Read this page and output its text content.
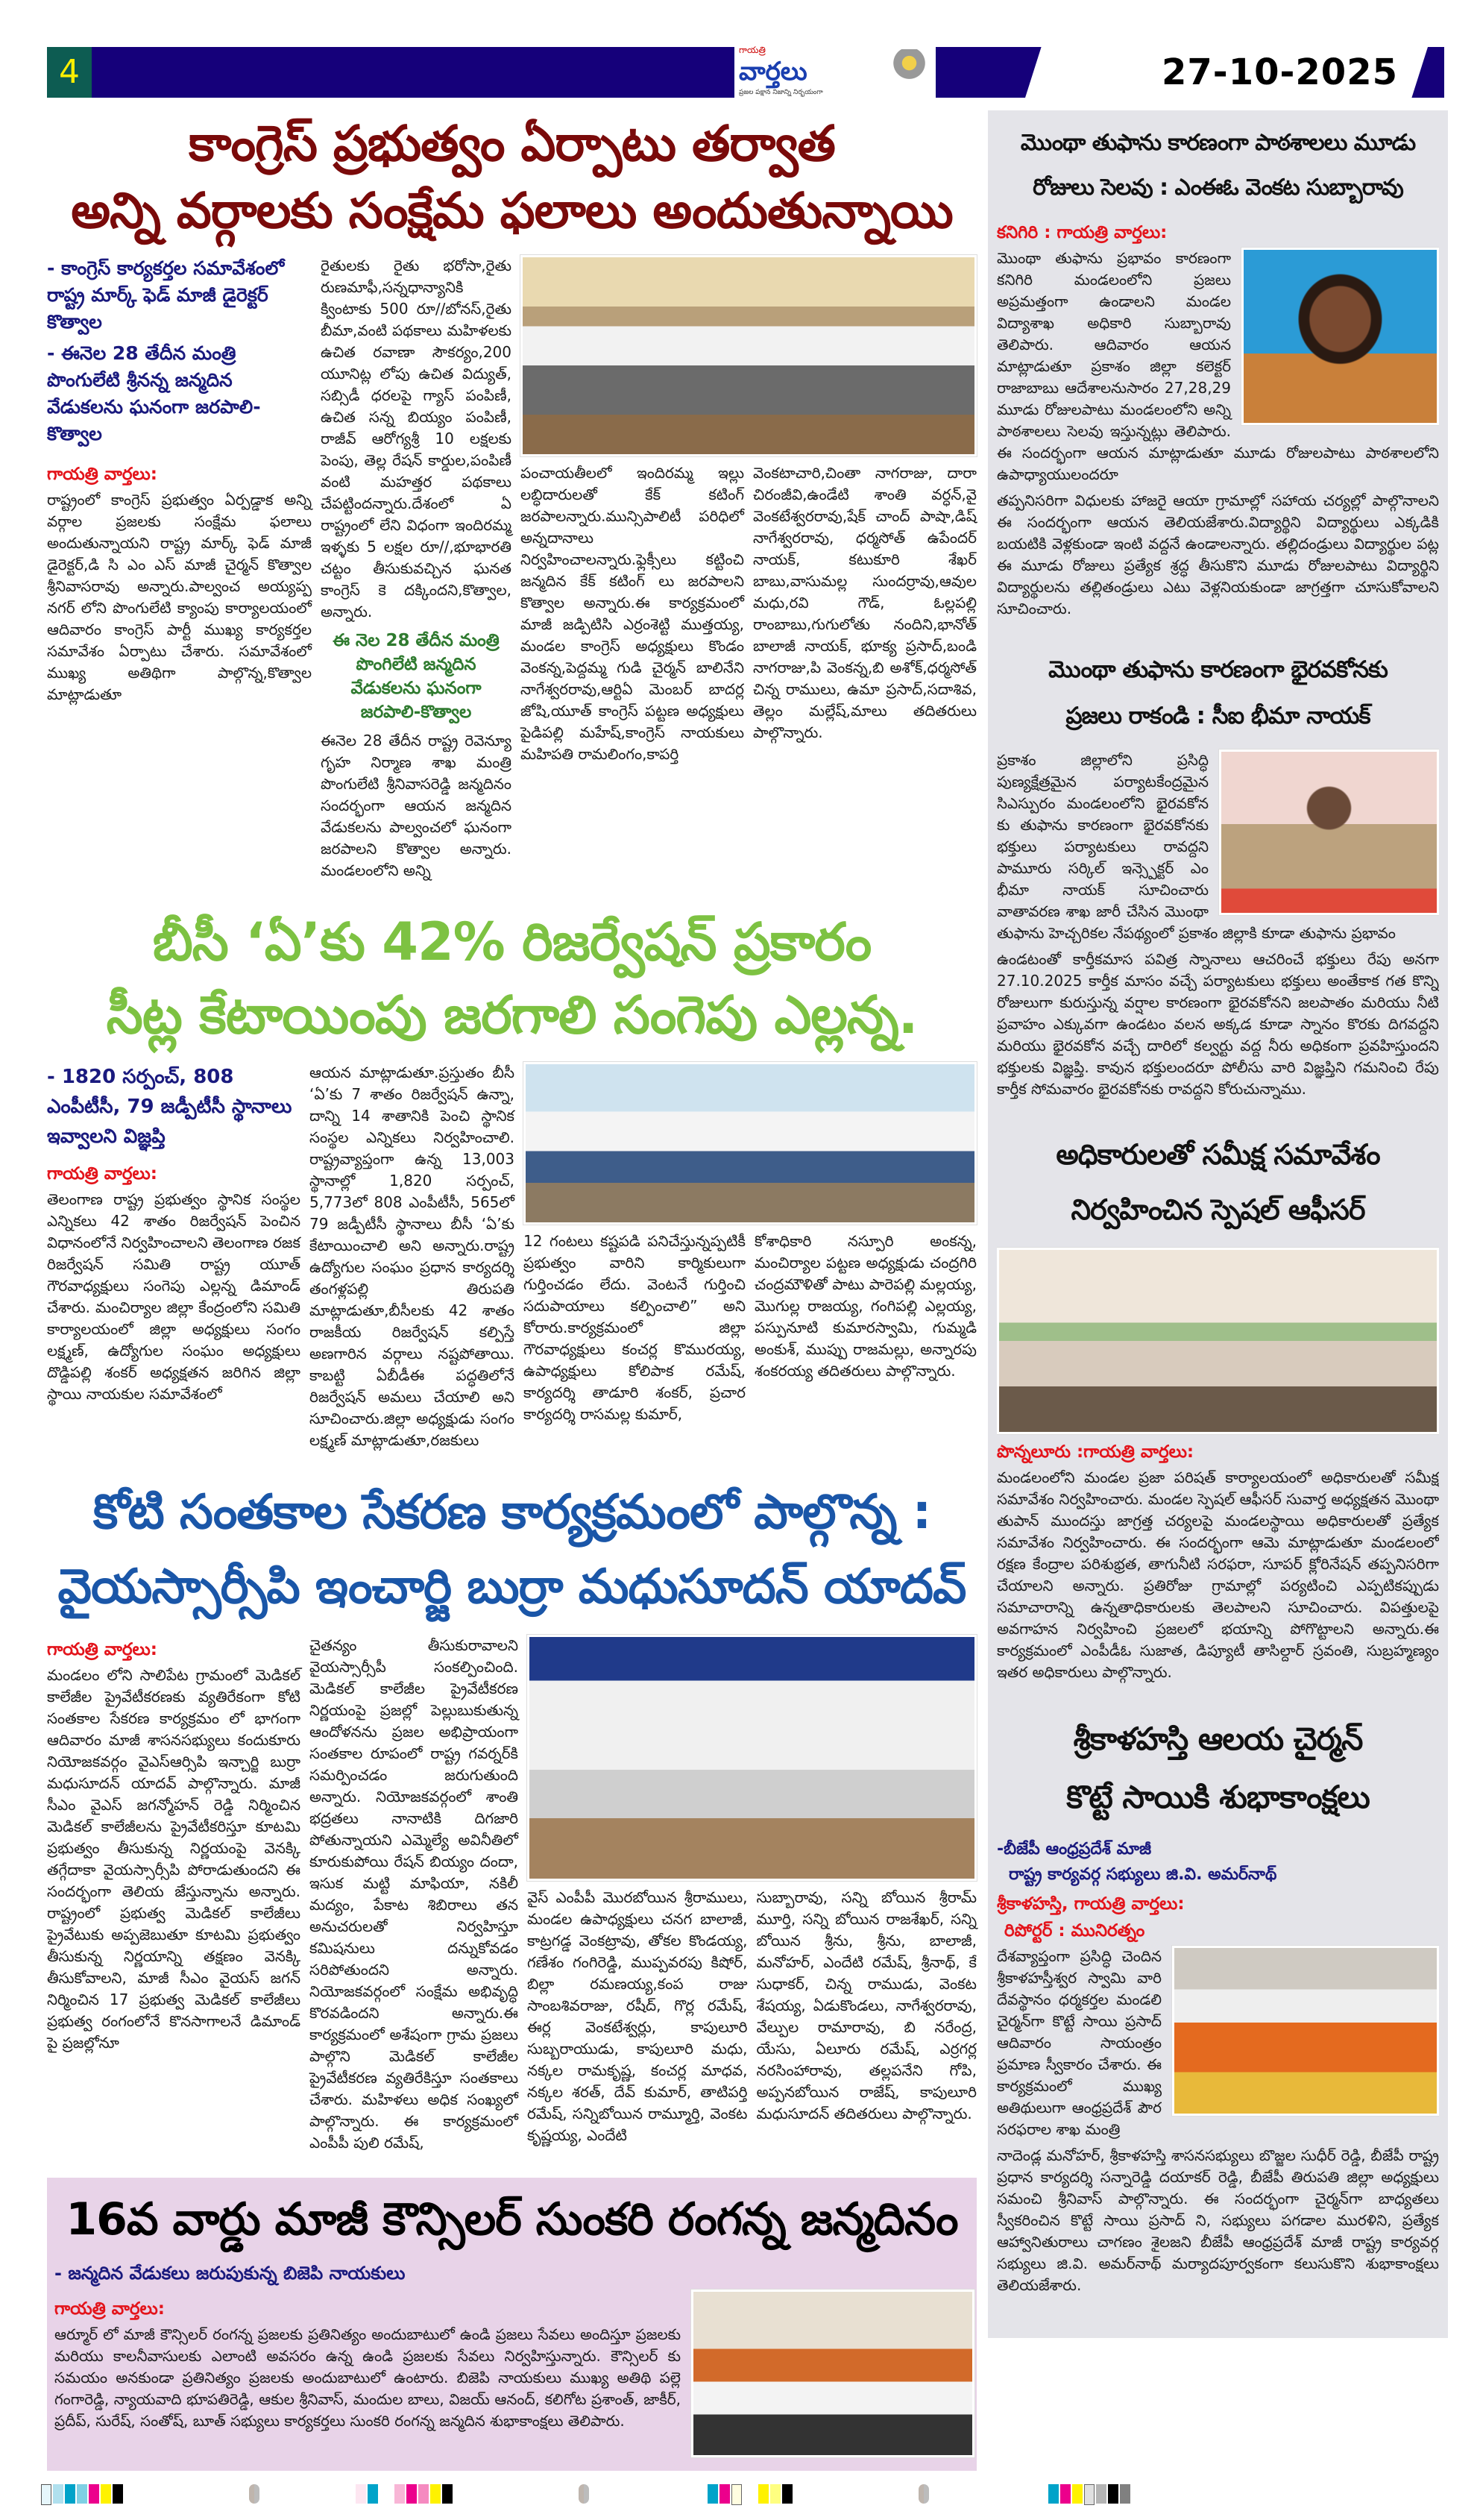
4
గాయత్రి
వార్తలు
ప్రజల పక్షాన నిజాన్ని నిర్భయంగా	27-10-2025
కాంగ్రెస్ ప్రభుత్వం ఏర్పాటు తర్వాత
అన్ని వర్గాలకు సంక్షేమ ఫలాలు అందుతున్నాయి
- కాంగ్రెస్ కార్యకర్తల సమావేశంలో రాష్ట్ర మార్క్ ఫెడ్ మాజీ డైరెక్టర్ కొత్వాల
- ఈనెల 28 తేదీన మంత్రి పొంగులేటి శ్రీనన్న జన్మదిన వేడుకలను ఘనంగా జరపాలి-కొత్వాల
గాయత్రి వార్తలు:

రాష్ట్రంలో కాంగ్రెస్ ప్రభుత్వం ఏర్పడ్డాక అన్ని వర్గాల ప్రజలకు సంక్షేమ ఫలాలు అందుతున్నాయని రాష్ట్ర మార్క్ ఫెడ్ మాజీ డైరెక్టర్,డి సి ఎం ఎస్ మాజీ చైర్మన్ కొత్వాల శ్రీనివాసరావు అన్నారు.పాల్వంచ అయ్యప్ప నగర్ లోని పొంగులేటి క్యాంపు కార్యాలయంలో ఆదివారం కాంగ్రెస్ పార్టీ ముఖ్య కార్యకర్తల సమావేశం ఏర్పాటు చేశారు. సమావేశంలో ముఖ్య అతిథిగా పాల్గొన్న,కొత్వాల మాట్లాడుతూ

రైతులకు రైతు భరోసా,రైతు రుణమాఫీ,సన్నధాన్యానికి క్వింటాకు 500 రూ//బోనస్,రైతు బీమా,వంటి పథకాలు మహిళలకు ఉచిత రవాణా సౌకర్యం,200 యూనిట్ల లోపు ఉచిత విద్యుత్, సబ్సిడీ ధరలపై గ్యాస్ పంపిణీ, ఉచిత సన్న బియ్యం పంపిణీ, రాజీవ్ ఆరోగ్యశ్రీ 10 లక్షలకు పెంపు, తెల్ల రేషన్ కార్డుల,పంపిణీ వంటి మహత్తర పథకాలు చేపట్టిందన్నారు.దేశంలో ఏ రాష్ట్రంలో లేని విధంగా ఇందిరమ్మ ఇళ్ళకు 5 లక్షల రూ//,భూభారతి చట్టం తీసుకువచ్చిన ఘనత కాంగ్రెస్ కె దక్కిందని,కొత్వాల, అన్నారు.

ఈ నెల 28 తేదీన మంత్రి పొంగిలేటి జన్మదిన వేడుకలను ఘనంగా జరపాలి-కొత్వాల

ఈనెల 28 తేదీన రాష్ట్ర రెవెన్యూ గృహ నిర్మాణ శాఖ మంత్రి పొంగులేటి శ్రీనివాసరెడ్డి జన్మదినం సందర్భంగా ఆయన జన్మదిన వేడుకలను పాల్వంచలో ఘనంగా జరపాలని కొత్వాల అన్నారు. మండలంలోని అన్ని

పంచాయతీలలో ఇందిరమ్మ ఇల్లు లబ్ధిదారులతో కేక్ కటింగ్ జరపాలన్నారు.మున్సిపాలిటీ పరిధిలో అన్నదానాలు నిర్వహించాలన్నారు.ఫ్లెక్సీలు కట్టించి జన్మదిన కేక్ కటింగ్ లు జరపాలని కొత్వాల అన్నారు.ఈ కార్యక్రమంలో మాజీ జడ్పిటిసి ఎర్రంశెట్టి ముత్తయ్య, మండల కాంగ్రెస్ అధ్యక్షులు కొండం వెంకన్న,పెద్దమ్మ గుడి చైర్మన్ బాలినేని నాగేశ్వరరావు,ఆర్టిఏ మెంబర్ బాదర్ల జోషి,యూత్ కాంగ్రెస్ పట్టణ అధ్యక్షులు పైడిపల్లి మహేష్,కాంగ్రెస్ నాయకులు మహిపతి రామలింగం,కాపర్తి

వెంకటాచారి,చింతా నాగరాజు, దారా చిరంజీవి,ఉండేటి శాంతి వర్ధన్,వై వెంకటేశ్వరరావు,షేక్ చాంద్ పాషా,డిష్ నాగేశ్వరరావు, ధర్మసోత్ ఉపేందర్ నాయక్, కటుకూరి శేఖర్ బాబు,వాసుమల్ల సుందర్రావు,ఆవుల మధు,రవి గౌడ్, ఓల్లపల్లి రాంబాబు,గుగులోతు నందిని,భానోత్ బాలాజీ నాయక్, భూక్య ప్రసాద్,బండి నాగరాజు,పి వెంకన్న,బి అశోక్,ధర్మసోత్ చిన్న రాములు, ఉమా ప్రసాద్,సదాశివ, తెల్లం మల్లేష్,మాలు తదితరులు పాల్గొన్నారు.

బీసీ ‘ఏ’కు 42% రిజర్వేషన్ ప్రకారం
సీట్ల కేటాయింపు జరగాలి సంగెపు ఎల్లన్న.
- 1820 సర్పంచ్, 808 ఎంపీటీసీ, 79 జడ్పీటీసీ స్థానాలు ఇవ్వాలని విజ్ఞప్తి
గాయత్రి వార్తలు:

తెలంగాణ రాష్ట్ర ప్రభుత్వం స్థానిక సంస్థల ఎన్నికలు 42 శాతం రిజర్వేషన్ పెంచిన విధానంలోనే నిర్వహించాలని తెలంగాణ రజక రిజర్వేషన్ సమితి రాష్ట్ర యూత్ గౌరవాధ్యక్షులు సంగెపు ఎల్లన్న డిమాండ్ చేశారు. మంచిర్యాల జిల్లా కేంద్రంలోని సమితి కార్యాలయంలో జిల్లా అధ్యక్షులు సంగం లక్ష్మణ్, ఉద్యోగుల సంఘం అధ్యక్షులు దొడ్డిపల్లి శంకర్ అధ్యక్షతన జరిగిన జిల్లా స్థాయి నాయకుల సమావేశంలో

ఆయన మాట్లాడుతూ.ప్రస్తుతం బీసీ ‘ఏ’కు 7 శాతం రిజర్వేషన్ ఉన్నా, దాన్ని 14 శాతానికి పెంచి స్థానిక సంస్థల ఎన్నికలు నిర్వహించాలి. రాష్ట్రవ్యాప్తంగా ఉన్న 13,003 స్థానాల్లో 1,820 సర్పంచ్, 5,773లో 808 ఎంపీటీసీ, 565లో 79 జడ్పీటీసీ స్థానాలు బీసీ ‘ఏ’కు కేటాయించాలి అని అన్నారు.రాష్ట్ర ఉద్యోగుల సంఘం ప్రధాన కార్యదర్శి తంగళ్లపల్లి తిరుపతి మాట్లాడుతూ,బీసీలకు 42 శాతం రాజకీయ రిజర్వేషన్ కల్పిస్తే అణగారిన వర్గాలు నష్టపోతాయి. కాబట్టి ఏబీడీఈ పద్ధతిలోనే రిజర్వేషన్ అమలు చేయాలి అని సూచించారు.జిల్లా అధ్యక్షుడు సంగం లక్ష్మణ్ మాట్లాడుతూ,రజకులు

12 గంటలు కష్టపడి పనిచేస్తున్నప్పటికీ ప్రభుత్వం వారిని కార్మికులుగా గుర్తించడం లేదు. వెంటనే గుర్తించి సదుపాయాలు కల్పించాలి” అని కోరారు.కార్యక్రమంలో జిల్లా గౌరవాధ్యక్షులు కంచర్ల కొమురయ్య, ఉపాధ్యక్షులు కోలిపాక రమేష్, కార్యదర్శి తాడూరి శంకర్, ప్రచార కార్యదర్శి రాసమల్ల కుమార్,

కోశాధికారి నస్పూరి అంకన్న, మంచిర్యాల పట్టణ అధ్యక్షుడు చంద్రగిరి చంద్రమౌళితో పాటు పారెపల్లి మల్లయ్య, మొగుల్ల రాజయ్య, గంగిపల్లి ఎల్లయ్య, పస్పునూటి కుమారస్వామి, గుమ్మడి అంకుశ్, ముప్పు రాజమల్లు, అన్నారపు శంకరయ్య తదితరులు పాల్గొన్నారు.

కోటి సంతకాల సేకరణ కార్యక్రమంలో పాల్గొన్న :
వైయస్సార్సీపి ఇంచార్జి బుర్రా మధుసూదన్ యాదవ్
గాయత్రి వార్తలు:

మండలం లోని సాలిపేట గ్రామంలో మెడికల్ కాలేజీల ప్రైవేటీకరణకు వ్యతిరేకంగా కోటి సంతకాల సేకరణ కార్యక్రమం లో భాగంగా ఆదివారం మాజీ శాసనసభ్యులు కందుకూరు నియోజకవర్గం వైఎస్ఆర్సిపి ఇన్చార్జి బుర్రా మధుసూదన్ యాదవ్ పాల్గొన్నారు. మాజీ సీఎం వైఎస్ జగన్మోహన్ రెడ్డి నిర్మించిన మెడికల్ కాలేజీలను ప్రైవేటీకరిస్తూ కూటమి ప్రభుత్వం తీసుకున్న నిర్ణయంపై వెనక్కి తగ్గేదాకా వైయస్సార్సీపి పోరాడుతుందని ఈ సందర్భంగా తెలియ జేస్తున్నాను అన్నారు. రాష్ట్రంలో ప్రభుత్వ మెడికల్ కాలేజీలు ప్రైవేటుకు అప్పజెబుతూ కూటమి ప్రభుత్వం తీసుకున్న నిర్ణయాన్ని తక్షణం వెనక్కి తీసుకోవాలని, మాజీ సీఎం వైయస్ జగన్ నిర్మించిన 17 ప్రభుత్వ మెడికల్ కాలేజీలు ప్రభుత్వ రంగంలోనే కొనసాగాలనే డిమాండ్ పై ప్రజల్లోనూ

చైతన్యం తీసుకురావాలని వైయస్సార్సీపీ సంకల్పించింది. మెడికల్ కాలేజీల ప్రైవేటీకరణ నిర్ణయంపై ప్రజల్లో పెల్లుబుకుతున్న ఆందోళనను ప్రజల అభిప్రాయంగా సంతకాల రూపంలో రాష్ట్ర గవర్నర్‌కి సమర్పించడం జరుగుతుంది అన్నారు. నియోజకవర్గంలో శాంతి భద్రతలు నానాటికి దిగజారి పోతున్నాయని ఎమ్మెల్యే అవినీతిలో కూరుకుపోయి రేషన్ బియ్యం దందా, ఇసుక మట్టి మాఫియా, నకిలీ మద్యం, పేకాట శిబిరాలు తన అనుచరులతో నిర్వహిస్తూ కమిషనులు దన్నుకోవడం సరిపోతుందని అన్నారు. నియోజకవర్గంలో సంక్షేమ అభివృద్ధి కొరవడిందని అన్నారు.ఈ కార్యక్రమంలో అశేషంగా గ్రామ ప్రజలు పాల్గొని మెడికల్ కాలేజీల ప్రైవేటీకరణ వ్యతిరేకిస్తూ సంతకాలు చేశారు. మహిళలు అధిక సంఖ్యలో పాల్గొన్నారు. ఈ కార్యక్రమంలో ఎంపీపీ పులి రమేష్,

వైస్ ఎంపీపీ మొరబోయిన శ్రీరాములు, మండల ఉపాధ్యక్షులు చనగ బాలాజీ, కాట్రగడ్డ వెంకట్రావు, తోకల కొండయ్య, గణేశం గంగిరెడ్డి, ముప్పవరపు కిషోర్, బిల్లా రమణయ్య,కంప రాజు సాంబశివరాజు, రషీద్, గొర్ల రమేష్, ఈర్ల వెంకటేశ్వర్లు, కాపులూరి సుబ్బరాయుడు, కాపులూరి మధు, నక్కల రామకృష్ణ, కంచర్ల మాధవ, నక్కల శరత్, దేవ్ కుమార్, తాటిపర్తి రమేష్, సన్నిబోయిన రామ్మూర్తి, వెంకట కృష్ణయ్య, ఎందేటి

సుబ్బారావు, సన్ని బోయిన శ్రీరామ్ మూర్తి, సన్ని బోయిన రాజశేఖర్, సన్ని బోయిన శ్రీను, శ్రీను, బాలాజీ, మనోహర్, ఎందేటి రమేష్, శ్రీనాథ్, కే సుధాకర్, చిన్న రాముడు, వెంకట శేషయ్య, ఏడుకొండలు, నాగేశ్వరరావు, వేల్పుల రామారావు, బి నరేంద్ర, యేసు, ఏలూరు రమేష్, ఎర్రగర్ల నరసింహారావు, తల్లపనేని గోపి, అప్పనబోయిన రాజేష్, కాపులూరి మధుసూదన్ తదితరులు పాల్గొన్నారు.

16వ వార్డు మాజీ కౌన్సిలర్ సుంకరి రంగన్న జన్మదినం
- జన్మదిన వేడుకలు జరుపుకున్న బిజెపి నాయకులు
గాయత్రి వార్తలు:

ఆర్మూర్ లో మాజీ కౌన్సిలర్ రంగన్న ప్రజలకు ప్రతినిత్యం అందుబాటులో ఉండి ప్రజలు సేవలు అందిస్తూ ప్రజలకు మరియు కాలనీవాసులకు ఎలాంటి అవసరం ఉన్న ఉండి ప్రజలకు సేవలు నిర్వహిస్తున్నారు. కౌన్సిలర్ కు సమయం అనకుండా ప్రతినిత్యం ప్రజలకు అందుబాటులో ఉంటారు. బిజెపి నాయకులు ముఖ్య అతిథి పల్లె గంగారెడ్డి, న్యాయవాది భూపతిరెడ్డి, ఆకుల శ్రీనివాస్, మందుల బాలు, విజయ్ ఆనంద్, కలిగోట ప్రశాంత్, జాకీర్, ప్రదీప్, సురేష్, సంతోష్, బూత్ సభ్యులు కార్యకర్తలు సుంకరి రంగన్న జన్మదిన శుభాకాంక్షలు తెలిపారు.

మొంథా తుఫాను కారణంగా పాఠశాలలు మూడు
రోజులు సెలవు : ఎంఈఓ వెంకట సుబ్బారావు
కనిగిరి : గాయత్రి వార్తలు:

మొంథా తుఫాను ప్రభావం కారణంగా కనిగిరి మండలంలోని ప్రజలు అప్రమత్తంగా ఉండాలని మండల విద్యాశాఖ అధికారి సుబ్బారావు తెలిపారు. ఆదివారం ఆయన మాట్లాడుతూ ప్రకాశం జిల్లా కలెక్టర్ రాజాబాబు ఆదేశాలనుసారం 27,28,29 మూడు రోజులపాటు మండలంలోని అన్ని పాఠశాలలు సెలవు ఇస్తున్నట్లు తెలిపారు. ఈ సందర్భంగా ఆయన మాట్లాడుతూ మూడు రోజులపాటు పాఠశాలలోని ఉపాధ్యాయులందరూ

తప్పనిసరిగా విధులకు హాజరై ఆయా గ్రామాల్లో సహాయ చర్యల్లో పాల్గొనాలని ఈ సందర్భంగా ఆయన తెలియజేశారు.విద్యార్థిని విద్యార్థులు ఎక్కడికి బయటికి వెళ్లకుండా ఇంటి వద్దనే ఉండాలన్నారు. తల్లిదండ్రులు విద్యార్థుల పట్ల ఈ మూడు రోజులు ప్రత్యేక శ్రద్ధ తీసుకొని మూడు రోజులపాటు విద్యార్థిని విద్యార్థులను తల్లితండ్రులు ఎటు వెళ్లనియకుండా జాగ్రత్తగా చూసుకోవాలని సూచించారు.

మొంథా తుఫాను కారణంగా భైరవకోనకు
ప్రజలు రాకండి : సీఐ భీమా నాయక్

ప్రకాశం జిల్లాలోని ప్రసిద్ధి పుణ్యక్షేత్రమైన పర్యాటకేంద్రమైన సిఎస్పురం మండలంలోని భైరవకోన కు తుఫాను కారణంగా భైరవకోనకు భక్తులు పర్యాటకులు రావద్దని పామూరు సర్కిల్ ఇన్స్పెక్టర్ ఎం భీమా నాయక్ సూచించారు వాతావరణ శాఖ జారీ చేసిన మొంథా తుఫాను హెచ్చరికల నేపథ్యంలో ప్రకాశం జిల్లాకి కూడా తుఫాను ప్రభావం

ఉండటంతో కార్తీకమాస పవిత్ర స్నానాలు ఆచరించే భక్తులు రేపు అనగా 27.10.2025 కార్తీక మాసం వచ్చే పర్యాటకులు భక్తులు అంతేకాక గత కొన్ని రోజులుగా కురుస్తున్న వర్షాల కారణంగా భైరవకోనని జలపాతం మరియు నీటి ప్రవాహం ఎక్కువగా ఉండటం వలన అక్కడ కూడా స్నానం కొరకు దిగవద్దని మరియు భైరవకోన వచ్చే దారిలో కల్వర్టు వద్ద నీరు అధికంగా ప్రవహిస్తుందని భక్తులకు విజ్ఞప్తి. కావున భక్తులందరూ పోలీసు వారి విజ్ఞప్తిని గమనించి రేపు కార్తీక సోమవారం భైరవకోనకు రావద్దని కోరుచున్నాము.

అధికారులతో సమీక్ష సమావేశం
నిర్వహించిన స్పెషల్ ఆఫీసర్
పొన్నలూరు :గాయత్రి వార్తలు:

మండలంలోని మండల ప్రజా పరిషత్ కార్యాలయంలో అధికారులతో సమీక్ష సమావేశం నిర్వహించారు. మండల స్పెషల్ ఆఫీసర్ సువార్త అధ్యక్షతన మొంథా తుపాన్ ముందస్తు జాగ్రత్త చర్యలపై మండలస్థాయి అధికారులతో ప్రత్యేక సమావేశం నిర్వహించారు. ఈ సందర్భంగా ఆమె మాట్లాడుతూ మండలంలో రక్షణ కేంద్రాల పరిశుభ్రత, తాగునీటి సరఫరా, సూపర్ క్లోరినేషన్ తప్పనిసరిగా చేయాలని అన్నారు. ప్రతిరోజు గ్రామాల్లో పర్యటించి ఎప్పటికప్పుడు సమాచారాన్ని ఉన్నతాధికారులకు తెలపాలని సూచించారు. విపత్తులపై అవగాహన నిర్వహించి ప్రజలలో భయాన్ని పోగొట్టాలని అన్నారు.ఈ కార్యక్రమంలో ఎంపీడీఓ సుజాత, డిప్యూటీ తాసిల్దార్ స్రవంతి, సుబ్రహ్మణ్యం ఇతర అధికారులు పాల్గొన్నారు.

శ్రీకాళహస్తి ఆలయ చైర్మన్
కొట్టే సాయికి శుభాకాంక్షలు
-బీజేపీ ఆంధ్రప్రదేశ్ మాజీ
రాష్ట్ర కార్యవర్గ సభ్యులు జి.వి. అమర్‌నాథ్
శ్రీకాళహస్తి, గాయత్రి వార్తలు:
రిపోర్టర్ : మునిరత్నం

దేశవ్యాప్తంగా ప్రసిద్ధి చెందిన శ్రీకాళహస్తీశ్వర స్వామి వారి దేవస్థానం ధర్మకర్తల మండలి చైర్మన్‌గా కొట్టే సాయి ప్రసాద్ ఆదివారం సాయంత్రం ప్రమాణ స్వీకారం చేశారు. ఈ కార్యక్రమంలో ముఖ్య అతిథులుగా ఆంధ్రప్రదేశ్ పౌర సరఫరాల శాఖ మంత్రి

నాదెండ్ల మనోహర్, శ్రీకాళహస్తి శాసనసభ్యులు బొజ్జల సుధీర్ రెడ్డి, బీజేపీ రాష్ట్ర ప్రధాన కార్యదర్శి సన్నారెడ్డి దయాకర్ రెడ్డి, బీజేపీ తిరుపతి జిల్లా అధ్యక్షులు సమంచి శ్రీనివాస్ పాల్గొన్నారు. ఈ సందర్భంగా చైర్మన్‌గా బాధ్యతలు స్వీకరించిన కొట్టే సాయి ప్రసాద్ ని, సభ్యులు పగడాల మురళిని, ప్రత్యేక ఆహ్వానితురాలు చాగణం శైలజని బీజేపీ ఆంధ్రప్రదేశ్ మాజీ రాష్ట్ర కార్యవర్గ సభ్యులు జి.వి. అమర్‌నాథ్ మర్యాదపూర్వకంగా కలుసుకొని శుభాకాంక్షలు తెలియజేశారు.
